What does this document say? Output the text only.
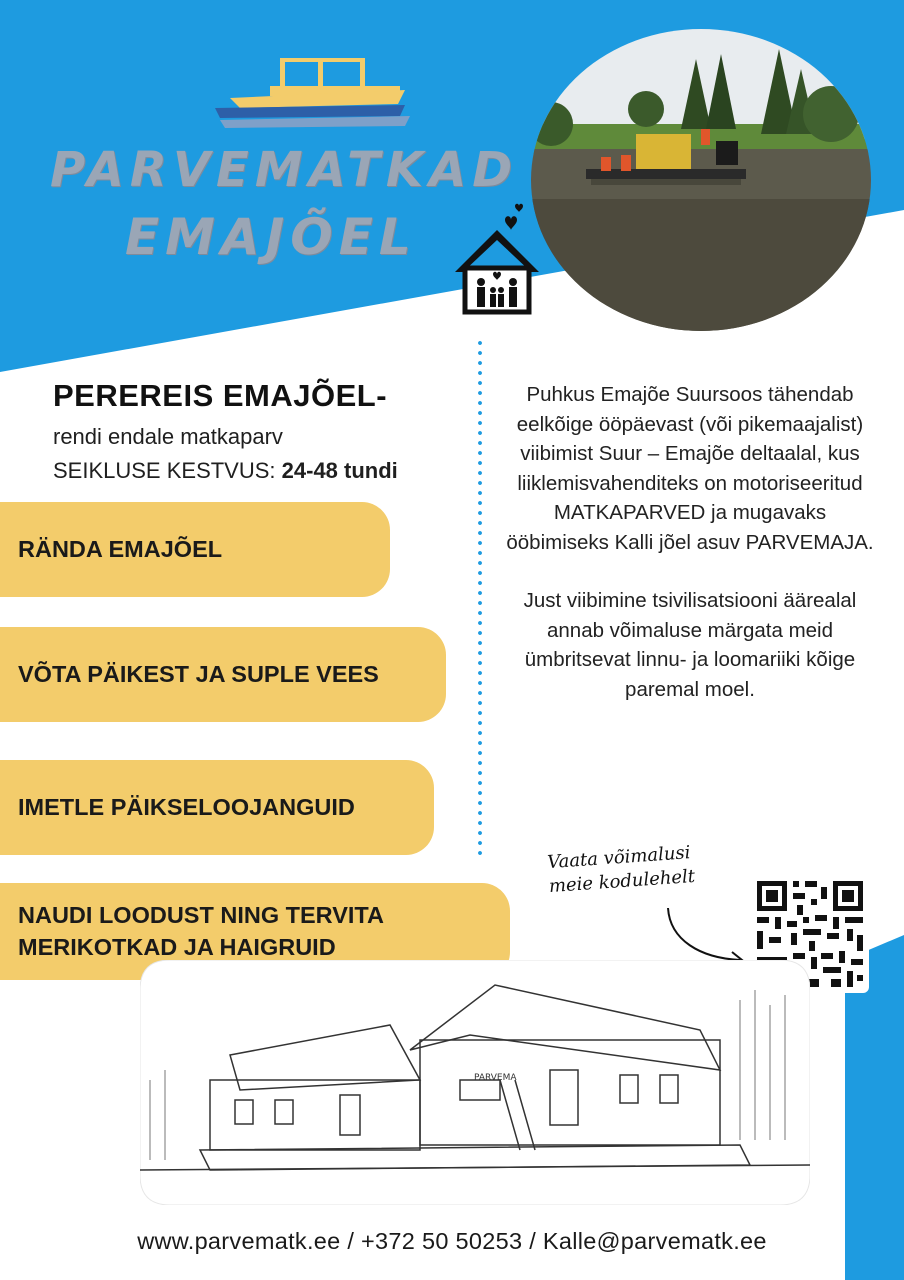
PARVEMATKAD
EMAJÕEL
PEREREIS EMAJÕEL-
rendi endale matkaparv
SEIKLUSE KESTVUS: 24-48 tundi
RÄNDA EMAJÕEL
VÕTA PÄIKEST JA SUPLE VEES
IMETLE PÄIKSELOOJANGUID
NAUDI LOODUST NING TERVITA MERIKOTKAD JA HAIGRUID

Puhkus Emajõe Suursoos tähendab eelkõige ööpäevast (või pikemaajalist) viibimist Suur – Emajõe deltaalal, kus liiklemisvahenditeks on motoriseeritud MATKAPARVED ja mugavaks ööbimiseks Kalli jõel asuv PARVEMAJA.

Just viibimine tsivilisatsiooni äärealal annab võimaluse märgata meid ümbritsevat linnu- ja loomariiki kõige paremal moel.

Vaata võimalusi
meie kodulehelt
PARVEMA
www.parvematk.ee / +372 50 50253 / Kalle@parvematk.ee
